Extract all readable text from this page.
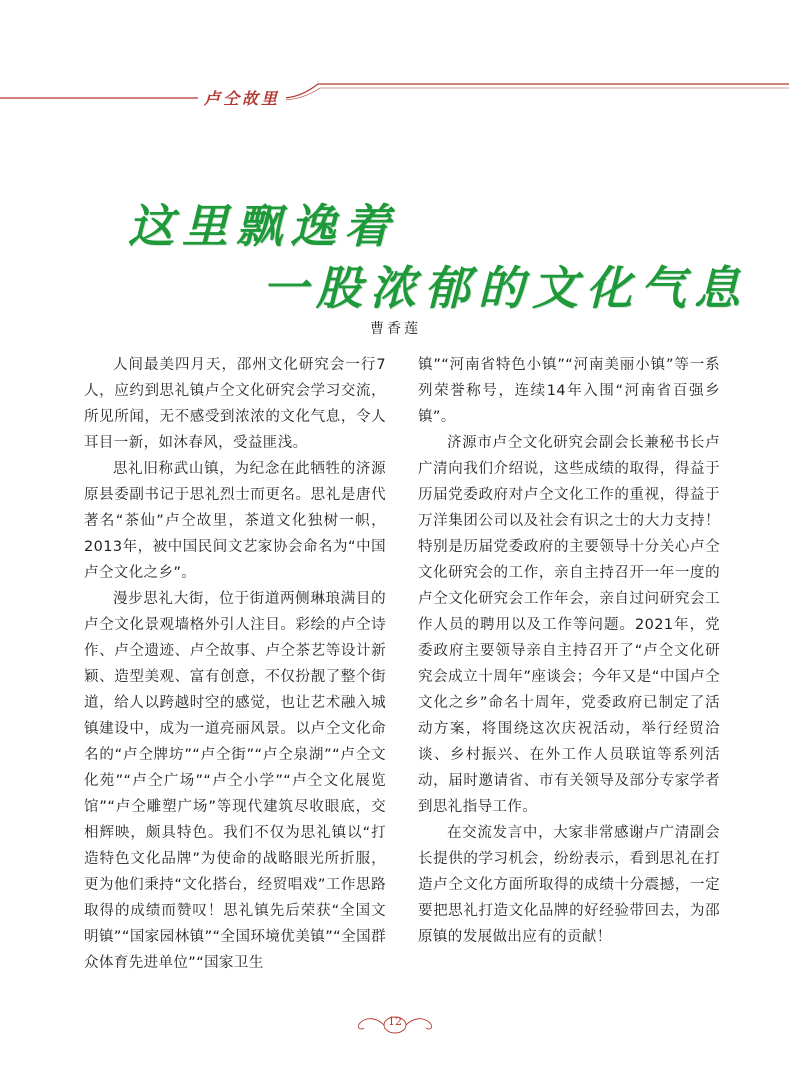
卢仝故里
这里飘逸着
一股浓郁的文化气息
曹香莲

人间最美四月天，邵州文化研究会一行7人，应约到思礼镇卢仝文化研究会学习交流，所见所闻，无不感受到浓浓的文化气息，令人耳目一新，如沐春风，受益匪浅。

思礼旧称武山镇，为纪念在此牺牲的济源原县委副书记于思礼烈士而更名。思礼是唐代著名“茶仙”卢仝故里，茶道文化独树一帜，2013年，被中国民间文艺家协会命名为“中国卢仝文化之乡”。

漫步思礼大街，位于街道两侧琳琅满目的卢仝文化景观墙格外引人注目。彩绘的卢仝诗作、卢仝遗迹、卢仝故事、卢仝茶艺等设计新颖、造型美观、富有创意，不仅扮靓了整个街道，给人以跨越时空的感觉，也让艺术融入城镇建设中，成为一道亮丽风景。以卢仝文化命名的“卢仝牌坊”“卢仝街”“卢仝泉湖”“卢仝文化苑”“卢仝广场”“卢仝小学”“卢仝文化展览馆”“卢仝雕塑广场”等现代建筑尽收眼底，交相辉映，颇具特色。我们不仅为思礼镇以“打造特色文化品牌”为使命的战略眼光所折服，更为他们秉持“文化搭台，经贸唱戏”工作思路取得的成绩而赞叹！思礼镇先后荣获“全国文明镇”“国家园林镇”“全国环境优美镇”“全国群众体育先进单位”“国家卫生

镇”“河南省特色小镇”“河南美丽小镇”等一系列荣誉称号，连续14年入围“河南省百强乡镇”。

济源市卢仝文化研究会副会长兼秘书长卢广清向我们介绍说，这些成绩的取得，得益于历届党委政府对卢仝文化工作的重视，得益于万洋集团公司以及社会有识之士的大力支持！特别是历届党委政府的主要领导十分关心卢仝文化研究会的工作，亲自主持召开一年一度的卢仝文化研究会工作年会，亲自过问研究会工作人员的聘用以及工作等问题。2021年，党委政府主要领导亲自主持召开了“卢仝文化研究会成立十周年”座谈会；今年又是“中国卢仝文化之乡”命名十周年，党委政府已制定了活动方案，将围绕这次庆祝活动，举行经贸洽谈、乡村振兴、在外工作人员联谊等系列活动，届时邀请省、市有关领导及部分专家学者到思礼指导工作。

在交流发言中，大家非常感谢卢广清副会长提供的学习机会，纷纷表示，看到思礼在打造卢仝文化方面所取得的成绩十分震撼，一定要把思礼打造文化品牌的好经验带回去，为邵原镇的发展做出应有的贡献！

12
